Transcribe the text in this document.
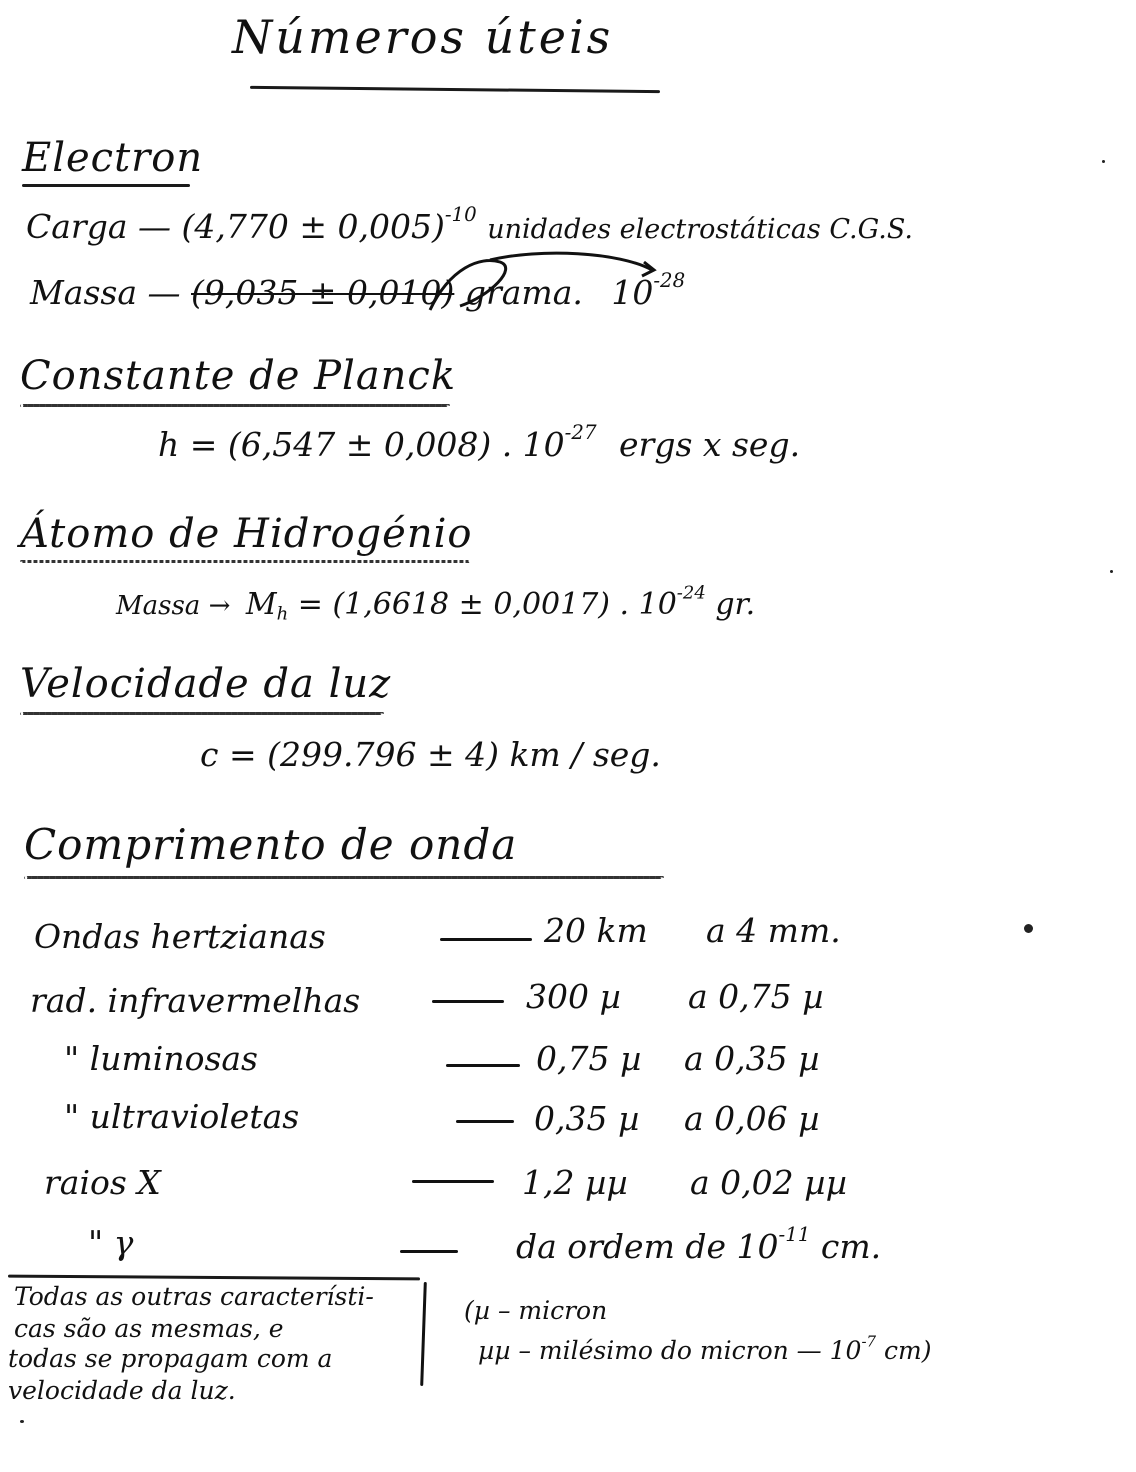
Números úteis
Electron
Carga — $(4,770 \pm 0,005)^{-10}$ unidades electrostáticas C.G.S.
Massa — (9,035 ± 0,010) grama. $10^{-28}$
Constante de Planck
h = (6,547 ± 0,008) . $10^{-27}$ ergs x seg.
Átomo de Hidrogénio
Massa → $M_h = (1,6618 \pm 0,0017)$ . $10^{-24}$ gr.
Velocidade da luz
c = (299.796 ± 4) km / seg.
Comprimento de onda
Ondas hertzianas	20 km a 4 mm.
rad. infravermelhas	300 µ a 0,75 µ
" luminosas	0,75 µ a 0,35 µ
" ultravioletas	0,35 µ a 0,06 µ
raios X	1,2 µµ a 0,02 µµ
" γ	da ordem de $10^{-11}$ cm.
Todas as outras característi-
cas são as mesmas, e
todas se propagam com a
velocidade da luz.
(µ – micron
µµ – milésimo do micron — $10^{-7}$ cm)
